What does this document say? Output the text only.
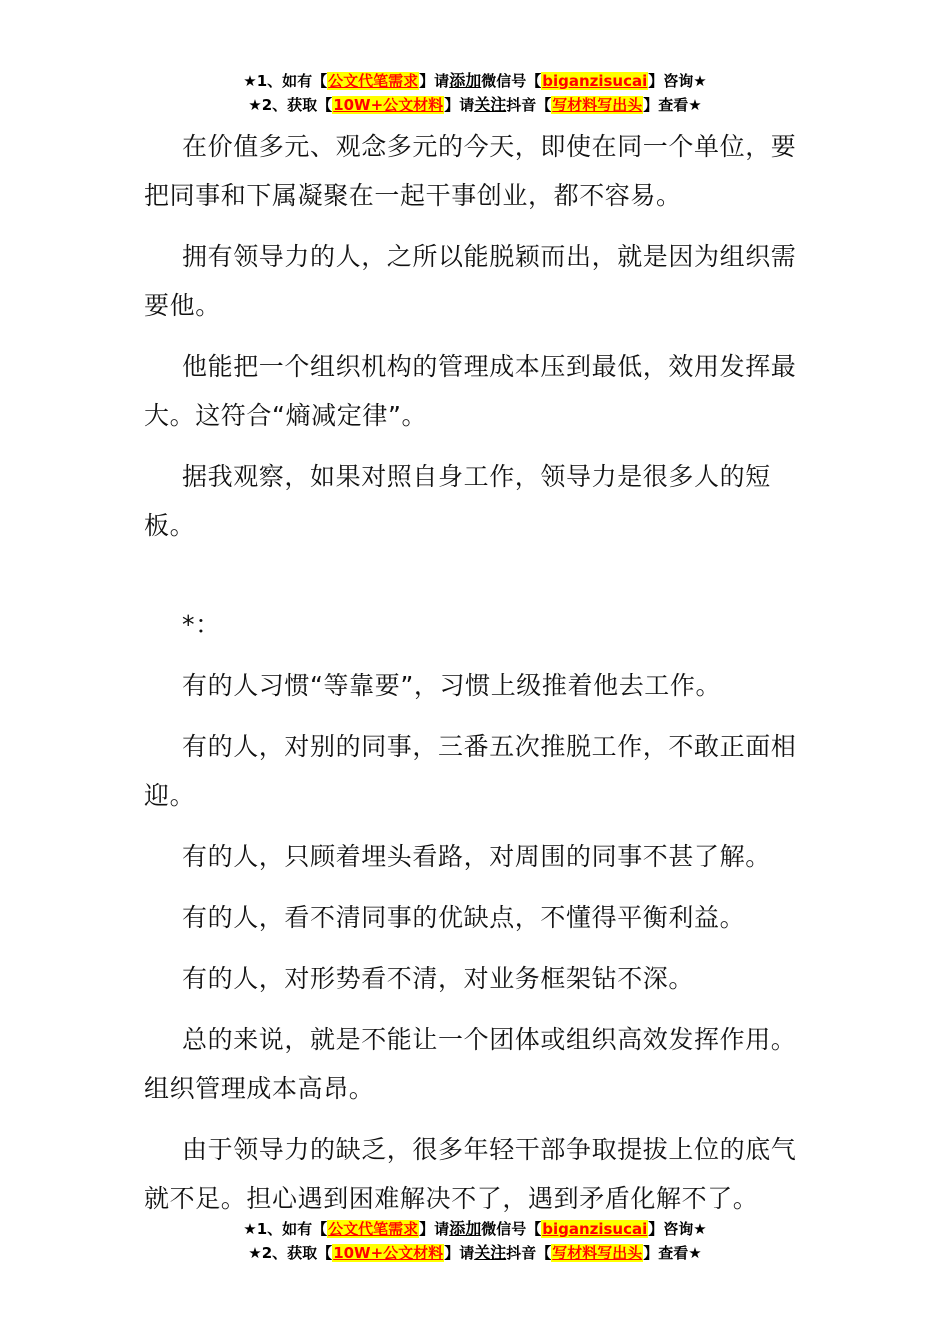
★1、如有【公文代笔需求】请添加微信号【biganzisucai】咨询★
★2、获取【10W+公文材料】请关注抖音【写材料写出头】查看★

在价值多元、观念多元的今天，即使在同一个单位，要把同事和下属凝聚在一起干事创业，都不容易。

拥有领导力的人，之所以能脱颖而出，就是因为组织需要他。

他能把一个组织机构的管理成本压到最低，效用发挥最大。这符合“熵减定律”。

据我观察，如果对照自身工作，领导力是很多人的短板。

*：

有的人习惯“等靠要”，习惯上级推着他去工作。

有的人，对别的同事，三番五次推脱工作，不敢正面相迎。

有的人，只顾着埋头看路，对周围的同事不甚了解。

有的人，看不清同事的优缺点，不懂得平衡利益。

有的人，对形势看不清，对业务框架钻不深。

总的来说，就是不能让一个团体或组织高效发挥作用。组织管理成本高昂。

由于领导力的缺乏，很多年轻干部争取提拔上位的底气就不足。担心遇到困难解决不了，遇到矛盾化解不了。

★1、如有【公文代笔需求】请添加微信号【biganzisucai】咨询★
★2、获取【10W+公文材料】请关注抖音【写材料写出头】查看★
